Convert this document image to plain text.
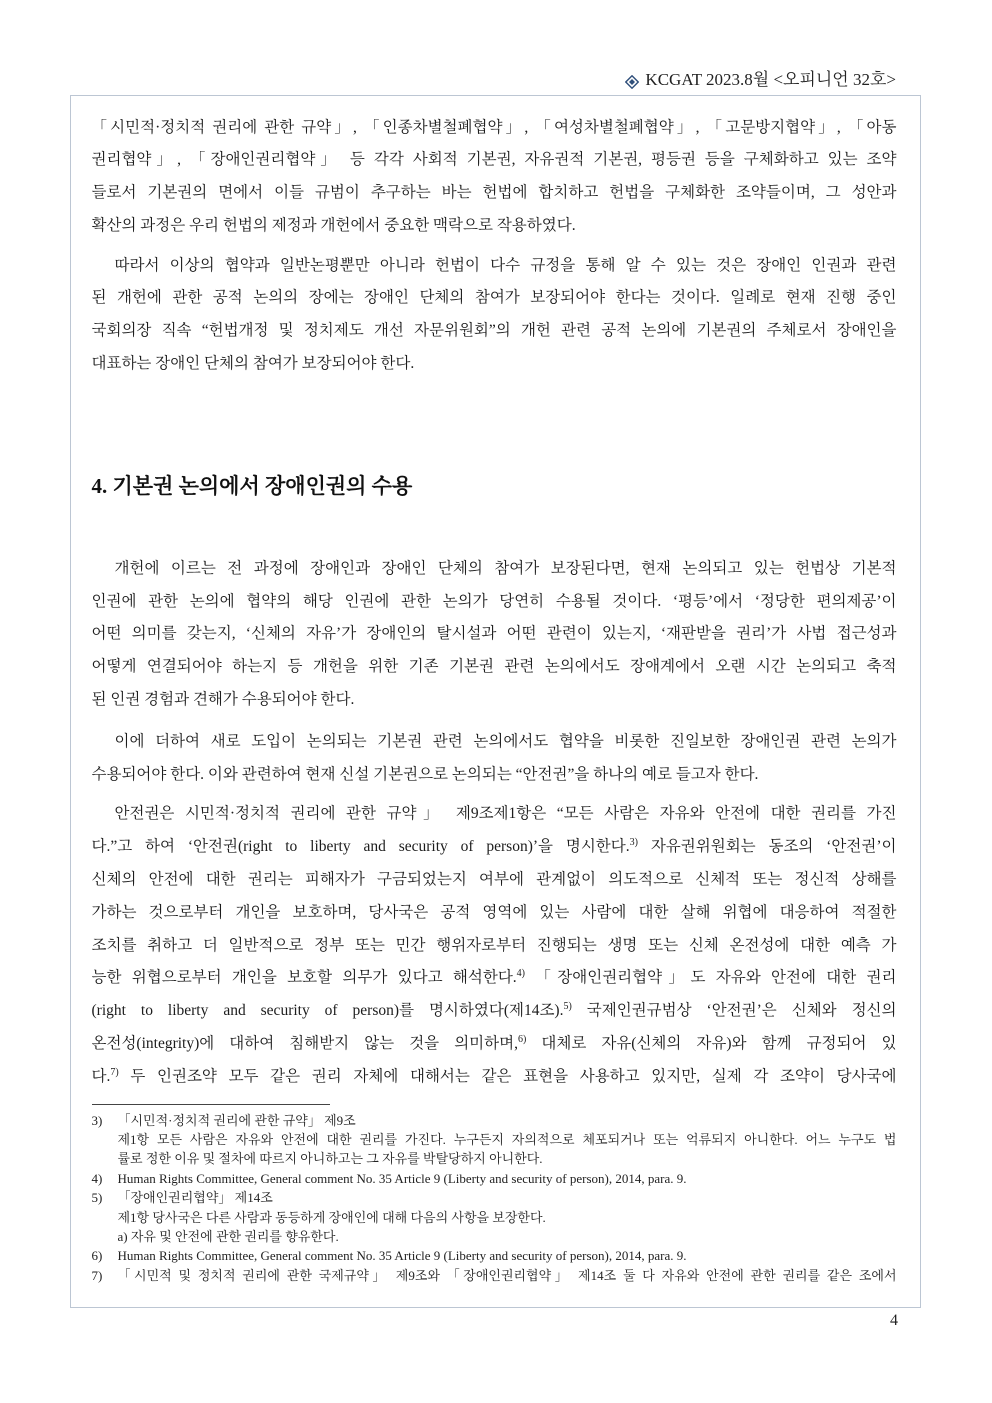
KCGAT 2023.8월 <오피니언 32호>
「시민적·정치적 권리에 관한 규약」, 「인종차별철폐협약」, 「여성차별철폐협약」, 「고문방지협약」, 「아동
권리협약」, 「장애인권리협약」 등 각각 사회적 기본권, 자유권적 기본권, 평등권 등을 구체화하고 있는 조약
들로서 기본권의 면에서 이들 규범이 추구하는 바는 헌법에 합치하고 헌법을 구체화한 조약들이며, 그 성안과
확산의 과정은 우리 헌법의 제정과 개헌에서 중요한 맥락으로 작용하였다.
따라서 이상의 협약과 일반논평뿐만 아니라 헌법이 다수 규정을 통해 알 수 있는 것은 장애인 인권과 관련
된 개헌에 관한 공적 논의의 장에는 장애인 단체의 참여가 보장되어야 한다는 것이다. 일례로 현재 진행 중인
국회의장 직속 “헌법개정 및 정치제도 개선 자문위원회”의 개헌 관련 공적 논의에 기본권의 주체로서 장애인을
대표하는 장애인 단체의 참여가 보장되어야 한다.
4. 기본권 논의에서 장애인권의 수용
개헌에 이르는 전 과정에 장애인과 장애인 단체의 참여가 보장된다면, 현재 논의되고 있는 헌법상 기본적
인권에 관한 논의에 협약의 해당 인권에 관한 논의가 당연히 수용될 것이다. ‘평등’에서 ‘정당한 편의제공’이
어떤 의미를 갖는지, ‘신체의 자유’가 장애인의 탈시설과 어떤 관련이 있는지, ‘재판받을 권리’가 사법 접근성과
어떻게 연결되어야 하는지 등 개헌을 위한 기존 기본권 관련 논의에서도 장애계에서 오랜 시간 논의되고 축적
된 인권 경험과 견해가 수용되어야 한다.
이에 더하여 새로 도입이 논의되는 기본권 관련 논의에서도 협약을 비롯한 진일보한 장애인권 관련 논의가
수용되어야 한다. 이와 관련하여 현재 신설 기본권으로 논의되는 “안전권”을 하나의 예로 들고자 한다.
안전권은 시민적·정치적 권리에 관한 규약」 제9조제1항은 “모든 사람은 자유와 안전에 대한 권리를 가진
다.”고 하여 ‘안전권(right to liberty and security of person)’을 명시한다.$^{3)}$ 자유권위원회는 동조의 ‘안전권’이
신체의 안전에 대한 권리는 피해자가 구금되었는지 여부에 관계없이 의도적으로 신체적 또는 정신적 상해를
가하는 것으로부터 개인을 보호하며, 당사국은 공적 영역에 있는 사람에 대한 살해 위협에 대응하여 적절한
조치를 취하고 더 일반적으로 정부 또는 민간 행위자로부터 진행되는 생명 또는 신체 온전성에 대한 예측 가
능한 위협으로부터 개인을 보호할 의무가 있다고 해석한다.$^{4)}$ 「장애인권리협약」도 자유와 안전에 대한 권리
(right to liberty and security of person)를 명시하였다(제14조).$^{5)}$ 국제인권규범상 ‘안전권’은 신체와 정신의
온전성(integrity)에 대하여 침해받지 않는 것을 의미하며,$^{6)}$ 대체로 자유(신체의 자유)와 함께 규정되어 있
다.$^{7)}$ 두 인권조약 모두 같은 권리 자체에 대해서는 같은 표현을 사용하고 있지만, 실제 각 조약이 당사국에
3)	「시민적·정치적 권리에 관한 규약」 제9조
제1항 모든 사람은 자유와 안전에 대한 권리를 가진다. 누구든지 자의적으로 체포되거나 또는 억류되지 아니한다. 어느 누구도 법
률로 정한 이유 및 절차에 따르지 아니하고는 그 자유를 박탈당하지 아니한다.
4)	Human Rights Committee, General comment No. 35 Article 9 (Liberty and security of person), 2014, para. 9.
5)	「장애인권리협약」 제14조
제1항 당사국은 다른 사람과 동등하게 장애인에 대해 다음의 사항을 보장한다.
a) 자유 및 안전에 관한 권리를 향유한다.
6)	Human Rights Committee, General comment No. 35 Article 9 (Liberty and security of person), 2014, para. 9.
7)	「시민적 및 정치적 권리에 관한 국제규약」 제9조와 「장애인권리협약」 제14조 둘 다 자유와 안전에 관한 권리를 같은 조에서
4
